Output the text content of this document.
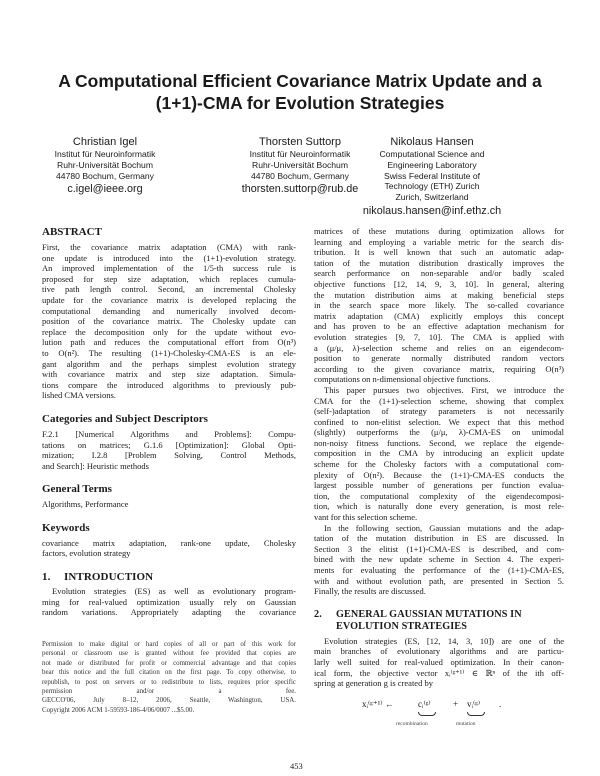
A Computational Efficient Covariance Matrix Update and a
(1+1)-CMA for Evolution Strategies
Christian Igel
Institut für Neuroinformatik
Ruhr-Universität Bochum
44780 Bochum, Germany
c.igel@ieee.org
Thorsten Suttorp
Institut für Neuroinformatik
Ruhr-Universität Bochum
44780 Bochum, Germany
thorsten.suttorp@rub.de
Nikolaus Hansen
Computational Science and
Engineering Laboratory
Swiss Federal Institute of
Technology (ETH) Zurich
Zurich, Switzerland
nikolaus.hansen@inf.ethz.ch
ABSTRACT
First, the covariance matrix adaptation (CMA) with rank-
one update is introduced into the (1+1)-evolution strategy.
An improved implementation of the 1/5-th success rule is
proposed for step size adaptation, which replaces cumula-
tive path length control. Second, an incremental Cholesky
update for the covariance matrix is developed replacing the
computational demanding and numerically involved decom-
position of the covariance matrix. The Cholesky update can
replace the decomposition only for the update without evo-
lution path and reduces the computational effort from O(n³)
to O(n²). The resulting (1+1)-Cholesky-CMA-ES is an ele-
gant algorithm and the perhaps simplest evolution strategy
with covariance matrix and step size adaptation. Simula-
tions compare the introduced algorithms to previously pub-
lished CMA versions.
Categories and Subject Descriptors
F.2.1 [Numerical Algorithms and Problems]: Compu-
tations on matrices; G.1.6 [Optimization]: Global Opti-
mization; I.2.8 [Problem Solving, Control Methods,
and Search]: Heuristic methods
General Terms
Algorithms, Performance
Keywords
covariance matrix adaptation, rank-one update, Cholesky
factors, evolution strategy
1. INTRODUCTION
Evolution strategies (ES) as well as evolutionary program-
ming for real-valued optimization usually rely on Gaussian
random variations. Appropriately adapting the covariance
Permission to make digital or hard copies of all or part of this work for
personal or classroom use is granted without fee provided that copies are
not made or distributed for profit or commercial advantage and that copies
bear this notice and the full citation on the first page. To copy otherwise, to
republish, to post on servers or to redistribute to lists, requires prior specific
permission and/or a fee.
GECCO'06, July 8–12, 2006, Seattle, Washington, USA.
Copyright 2006 ACM 1-59593-186-4/06/0007 ...$5.00.
matrices of these mutations during optimization allows for
learning and employing a variable metric for the search dis-
tribution. It is well known that such an automatic adap-
tation of the mutation distribution drastically improves the
search performance on non-separable and/or badly scaled
objective functions [12, 14, 9, 3, 10]. In general, altering
the mutation distribution aims at making beneficial steps
in the search space more likely. The so-called covariance
matrix adaptation (CMA) explicitly employs this concept
and has proven to be an effective adaptation mechanism for
evolution strategies [9, 7, 10]. The CMA is applied with
a (μ/μ, λ)-selection scheme and relies on an eigendecom-
position to generate normally distributed random vectors
according to the given covariance matrix, requiring O(n³)
computations on n-dimensional objective functions.
This paper pursues two objectives. First, we introduce the
CMA for the (1+1)-selection scheme, showing that complex
(self-)adaptation of strategy parameters is not necessarily
confined to non-elitist selection. We expect that this method
(slightly) outperforms the (μ/μ, λ)-CMA-ES on unimodal
non-noisy fitness functions. Second, we replace the eigende-
composition in the CMA by introducing an explicit update
scheme for the Cholesky factors with a computational com-
plexity of O(n²). Because the (1+1)-CMA-ES conducts the
largest possible number of generations per function evalua-
tion, the computational complexity of the eigendecomposi-
tion, which is naturally done every generation, is most rele-
vant for this selection scheme.
In the following section, Gaussian mutations and the adap-
tation of the mutation distribution in ES are discussed. In
Section 3 the elitist (1+1)-CMA-ES is described, and com-
bined with the new update scheme in Section 4. The experi-
ments for evaluating the performance of the (1+1)-CMA-ES,
with and without evolution path, are presented in Section 5.
Finally, the results are discussed.
2. GENERAL GAUSSIAN MUTATIONS IN
EVOLUTION STRATEGIES
Evolution strategies (ES, [12, 14, 3, 10]) are one of the
main branches of evolutionary algorithms and are particu-
larly well suited for real-valued optimization. In their canon-
ical form, the objective vector xᵢ⁽ᵍ⁺¹⁾ ∈ ℝⁿ of the ith off-
spring at generation g is created by
xᵢ⁽ᵍ⁺¹⁾ ←	cᵢ⁽ᵍ⁾ + vᵢ⁽ᵍ⁾ .
recombination	mutation
453
